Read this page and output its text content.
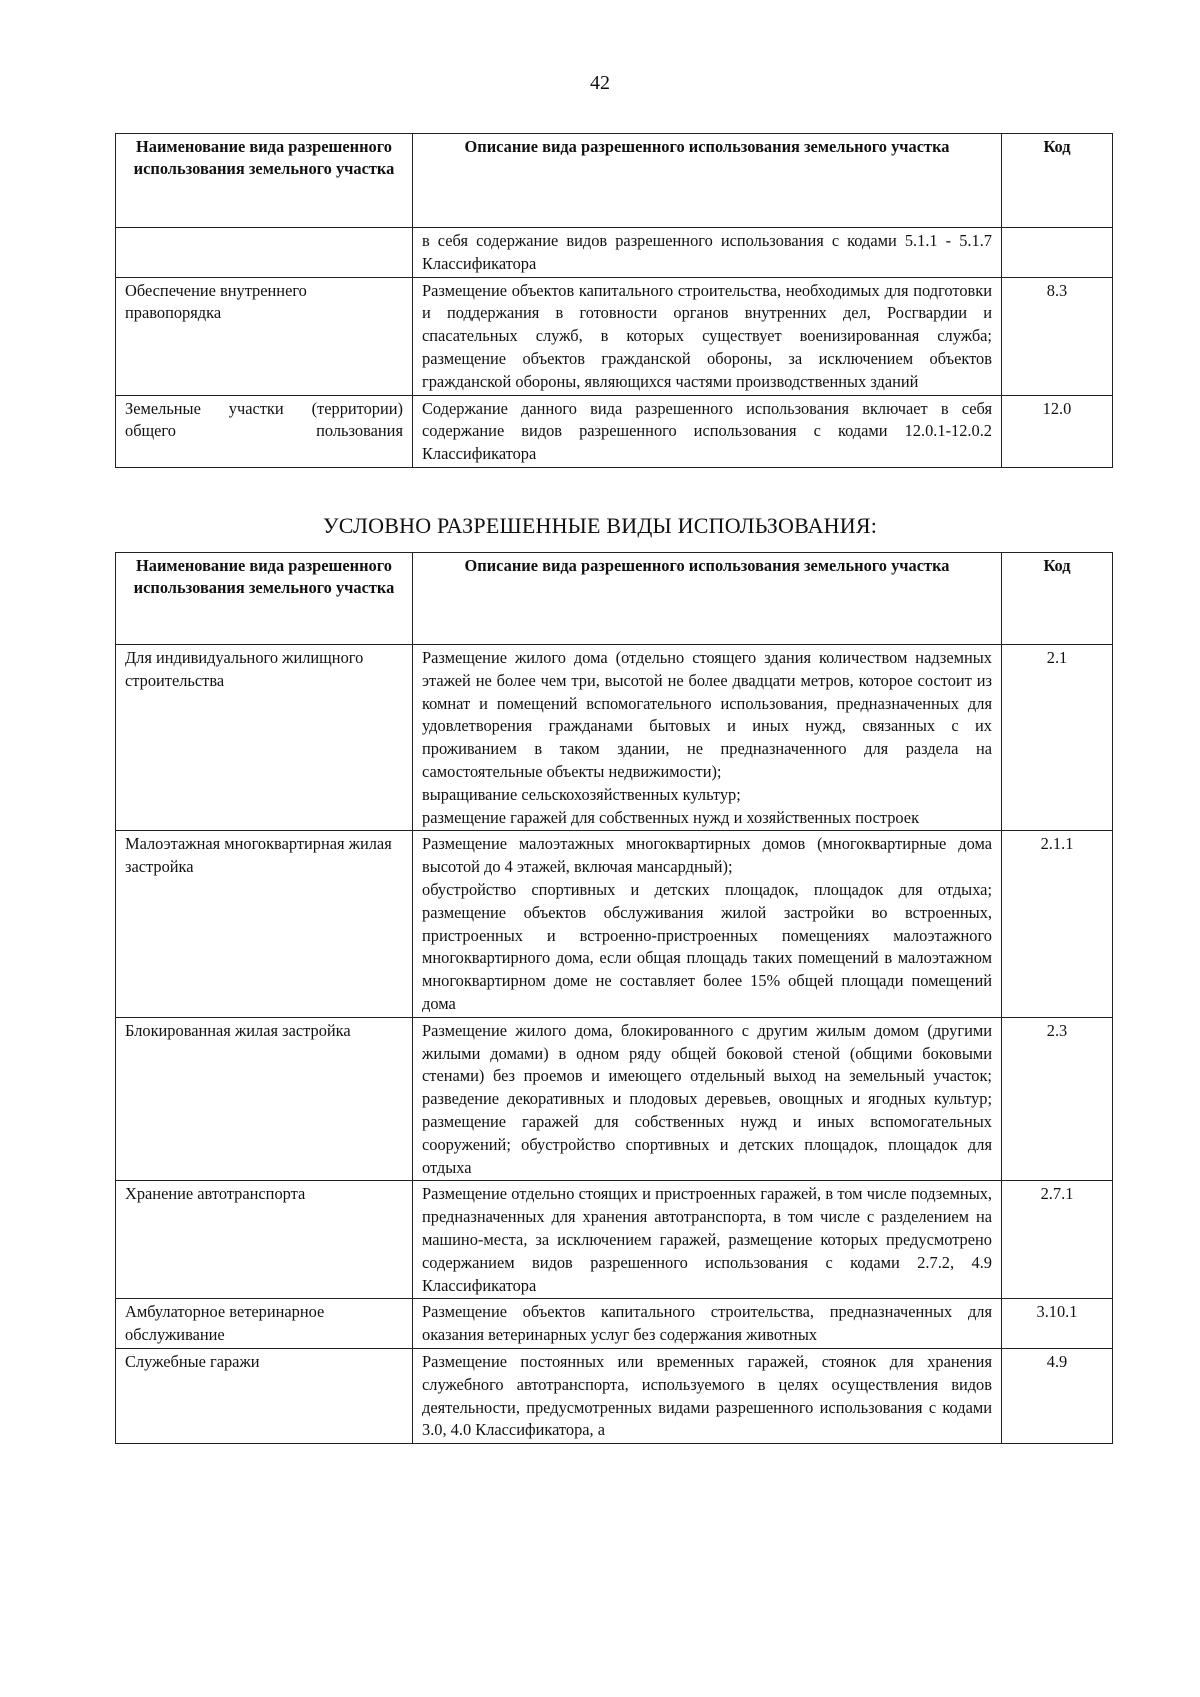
42
Наименование вида разрешенного использования земельного участка	Описание вида разрешенного использования земельного участка	Код
	в себя содержание видов разрешенного использования с кодами 5.1.1 - 5.1.7 Классификатора	
Обеспечение внутреннего правопорядка	Размещение объектов капитального строительства, необходимых для подготовки и поддержания в готовности органов внутренних дел, Росгвардии и спасательных служб, в которых существует военизированная служба; размещение объектов гражданской обороны, за исключением объектов гражданской обороны, являющихся частями производственных зданий	8.3

Земельные участки (территории) общего пользования	Содержание данного вида разрешенного использования включает в себя содержание видов разрешенного использования с кодами 12.0.1-12.0.2 Классификатора	12.0
УСЛОВНО РАЗРЕШЕННЫЕ ВИДЫ ИСПОЛЬЗОВАНИЯ:
Наименование вида разрешенного использования земельного участка	Описание вида разрешенного использования земельного участка	Код
Для индивидуального жилищного строительства	Размещение жилого дома (отдельно стоящего здания количеством надземных этажей не более чем три, высотой не более двадцати метров, которое состоит из комнат и помещений вспомогательного использования, предназначенных для удовлетворения гражданами бытовых и иных нужд, связанных с их проживанием в таком здании, не предназначенного для раздела на самостоятельные объекты недвижимости);
выращивание сельскохозяйственных культур;
размещение гаражей для собственных нужд и хозяйственных построек	2.1
Малоэтажная многоквартирная жилая застройка	Размещение малоэтажных многоквартирных домов (многоквартирные дома высотой до 4 этажей, включая мансардный);
обустройство спортивных и детских площадок, площадок для отдыха; размещение объектов обслуживания жилой застройки во встроенных, пристроенных и встроенно-пристроенных помещениях малоэтажного многоквартирного дома, если общая площадь таких помещений в малоэтажном многоквартирном доме не составляет более 15% общей площади помещений дома	2.1.1
Блокированная жилая застройка	Размещение жилого дома, блокированного с другим жилым домом (другими жилыми домами) в одном ряду общей боковой стеной (общими боковыми стенами) без проемов и имеющего отдельный выход на земельный участок; разведение декоративных и плодовых деревьев, овощных и ягодных культур; размещение гаражей для собственных нужд и иных вспомогательных сооружений; обустройство спортивных и детских площадок, площадок для отдыха	2.3
Хранение автотранспорта	Размещение отдельно стоящих и пристроенных гаражей, в том числе подземных, предназначенных для хранения автотранспорта, в том числе с разделением на машино-места, за исключением гаражей, размещение которых предусмотрено содержанием видов разрешенного использования с кодами 2.7.2, 4.9 Классификатора	2.7.1
Амбулаторное ветеринарное обслуживание	Размещение объектов капитального строительства, предназначенных для оказания ветеринарных услуг без содержания животных	3.10.1
Служебные гаражи	Размещение постоянных или временных гаражей, стоянок для хранения служебного автотранспорта, используемого в целях осуществления видов деятельности, предусмотренных видами разрешенного использования с кодами 3.0, 4.0 Классификатора, а	4.9
